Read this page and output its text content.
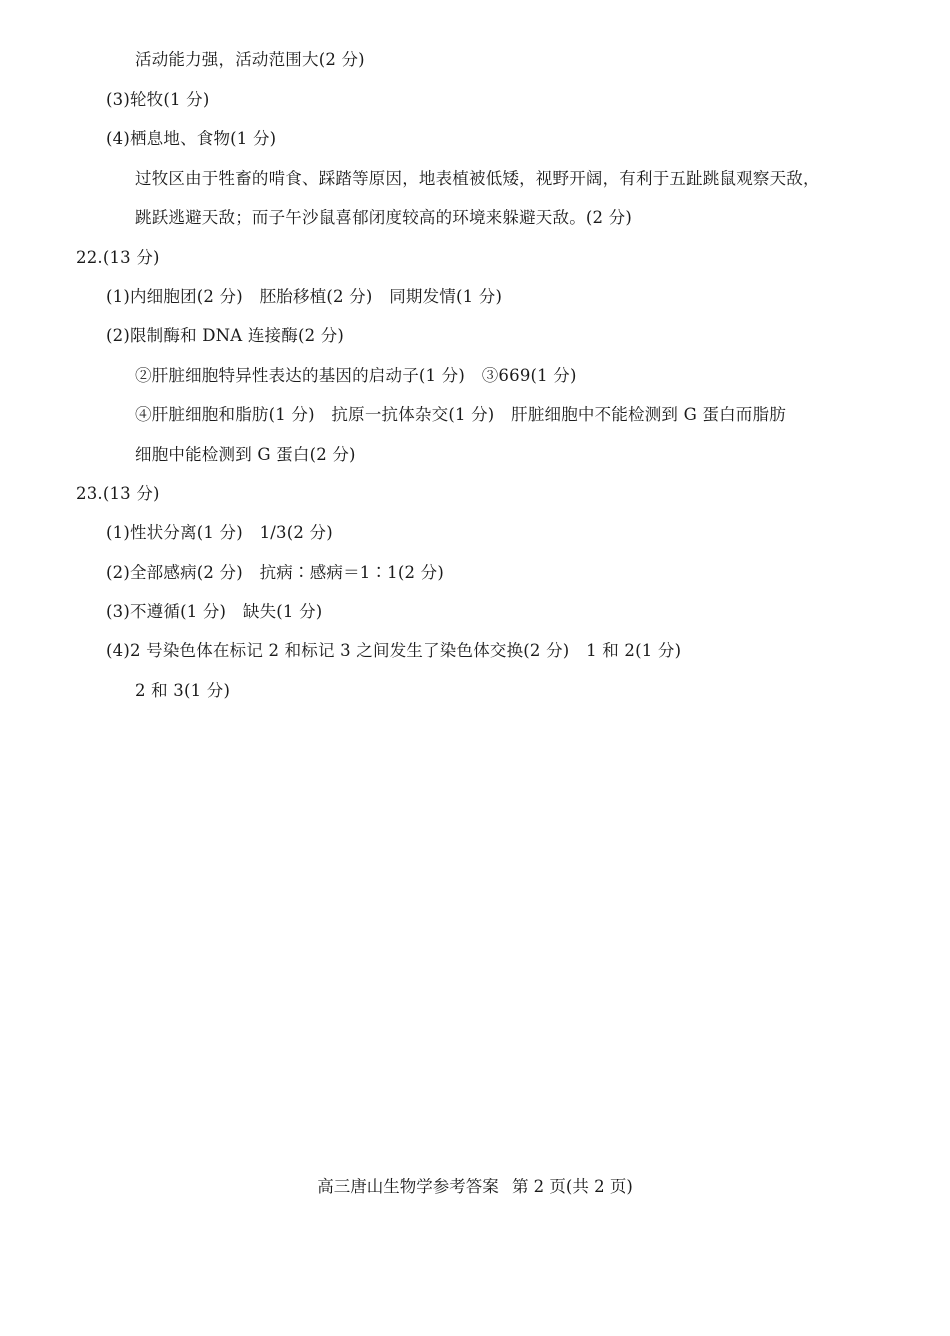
活动能力强，活动范围大(2 分)
(3)轮牧(1 分)
(4)栖息地、食物(1 分)
过牧区由于牲畜的啃食、踩踏等原因，地表植被低矮，视野开阔，有利于五趾跳鼠观察天敌，
跳跃逃避天敌；而子午沙鼠喜郁闭度较高的环境来躲避天敌。(2 分)
22.(13 分)
(1)内细胞团(2 分)　胚胎移植(2 分)　同期发情(1 分)
(2)限制酶和 DNA 连接酶(2 分)
②肝脏细胞特异性表达的基因的启动子(1 分)　③669(1 分)
④肝脏细胞和脂肪(1 分)　抗原一抗体杂交(1 分)　肝脏细胞中不能检测到 G 蛋白而脂肪
细胞中能检测到 G 蛋白(2 分)
23.(13 分)
(1)性状分离(1 分)　1/3(2 分)
(2)全部感病(2 分)　抗病∶感病＝1∶1(2 分)
(3)不遵循(1 分)　缺失(1 分)
(4)2 号染色体在标记 2 和标记 3 之间发生了染色体交换(2 分)　1 和 2(1 分)
2 和 3(1 分)
高三唐山生物学参考答案 第 2 页(共 2 页)
